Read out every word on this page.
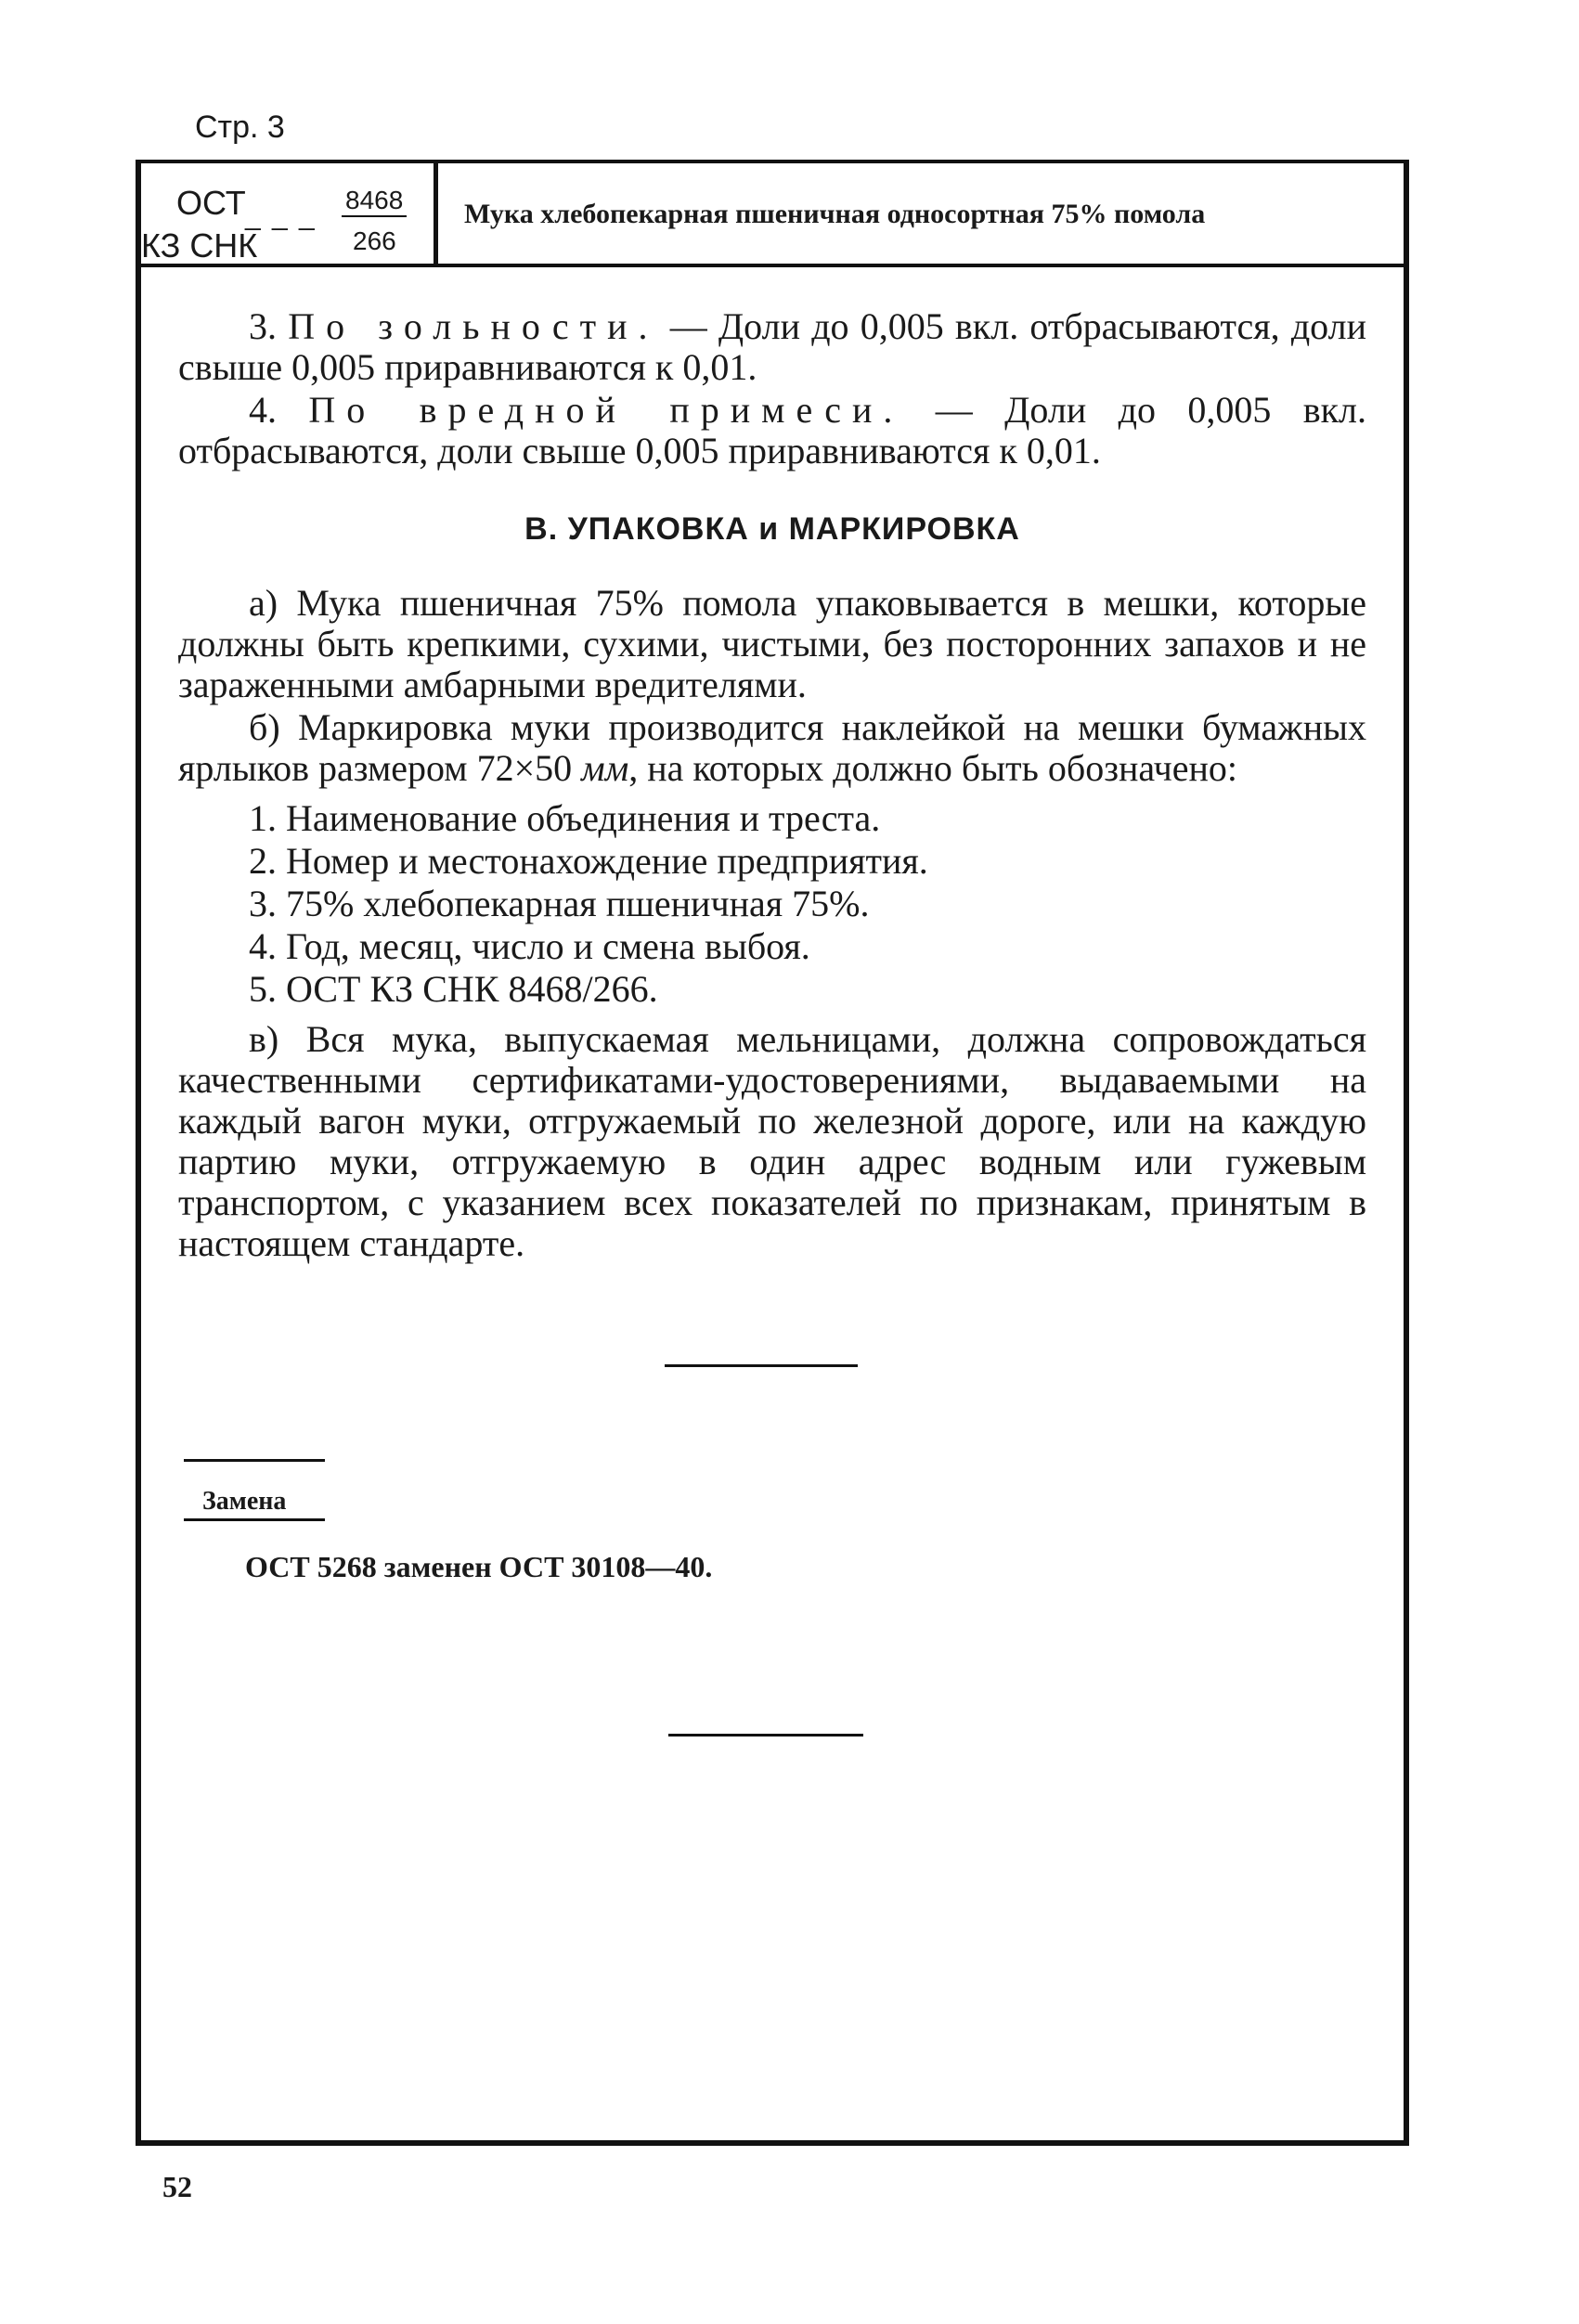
Стр. 3
ОСТ _ _ _
8468
КЗ СНК	266
Мука хлебопекарная пшеничная односортная 75% помола

3. По зольности. — Доли до 0,005 вкл. отбрасываются, доли свыше 0,005 приравниваются к 0,01.

4. По вредной примеси. — Доли до 0,005 вкл. отбрасываются, доли свыше 0,005 приравниваются к 0,01.

В. УПАКОВКА и МАРКИРОВКА

а) Мука пшеничная 75% помола упаковывается в мешки, которые должны быть крепкими, сухими, чистыми, без посторонних запахов и не зараженными амбарными вредителями.

б) Маркировка муки производится наклейкой на мешки бумажных ярлыков размером 72×50 мм, на которых должно быть обозначено:

1. Наименование объединения и треста.
2. Номер и местонахождение предприятия.
3. 75% хлебопекарная пшеничная 75%.
4. Год, месяц, число и смена выбоя.
5. ОСТ КЗ СНК 8468/266.

в) Вся мука, выпускаемая мельницами, должна сопровождаться качественными сертификатами-удостоверениями, выдаваемыми на каждый вагон муки, отгружаемый по железной дороге, или на каждую партию муки, отгружаемую в один адрес водным или гужевым транспортом, с указанием всех показателей по признакам, принятым в настоящем стандарте.

Замена
ОСТ 5268 заменен ОСТ 30108—40.
52
